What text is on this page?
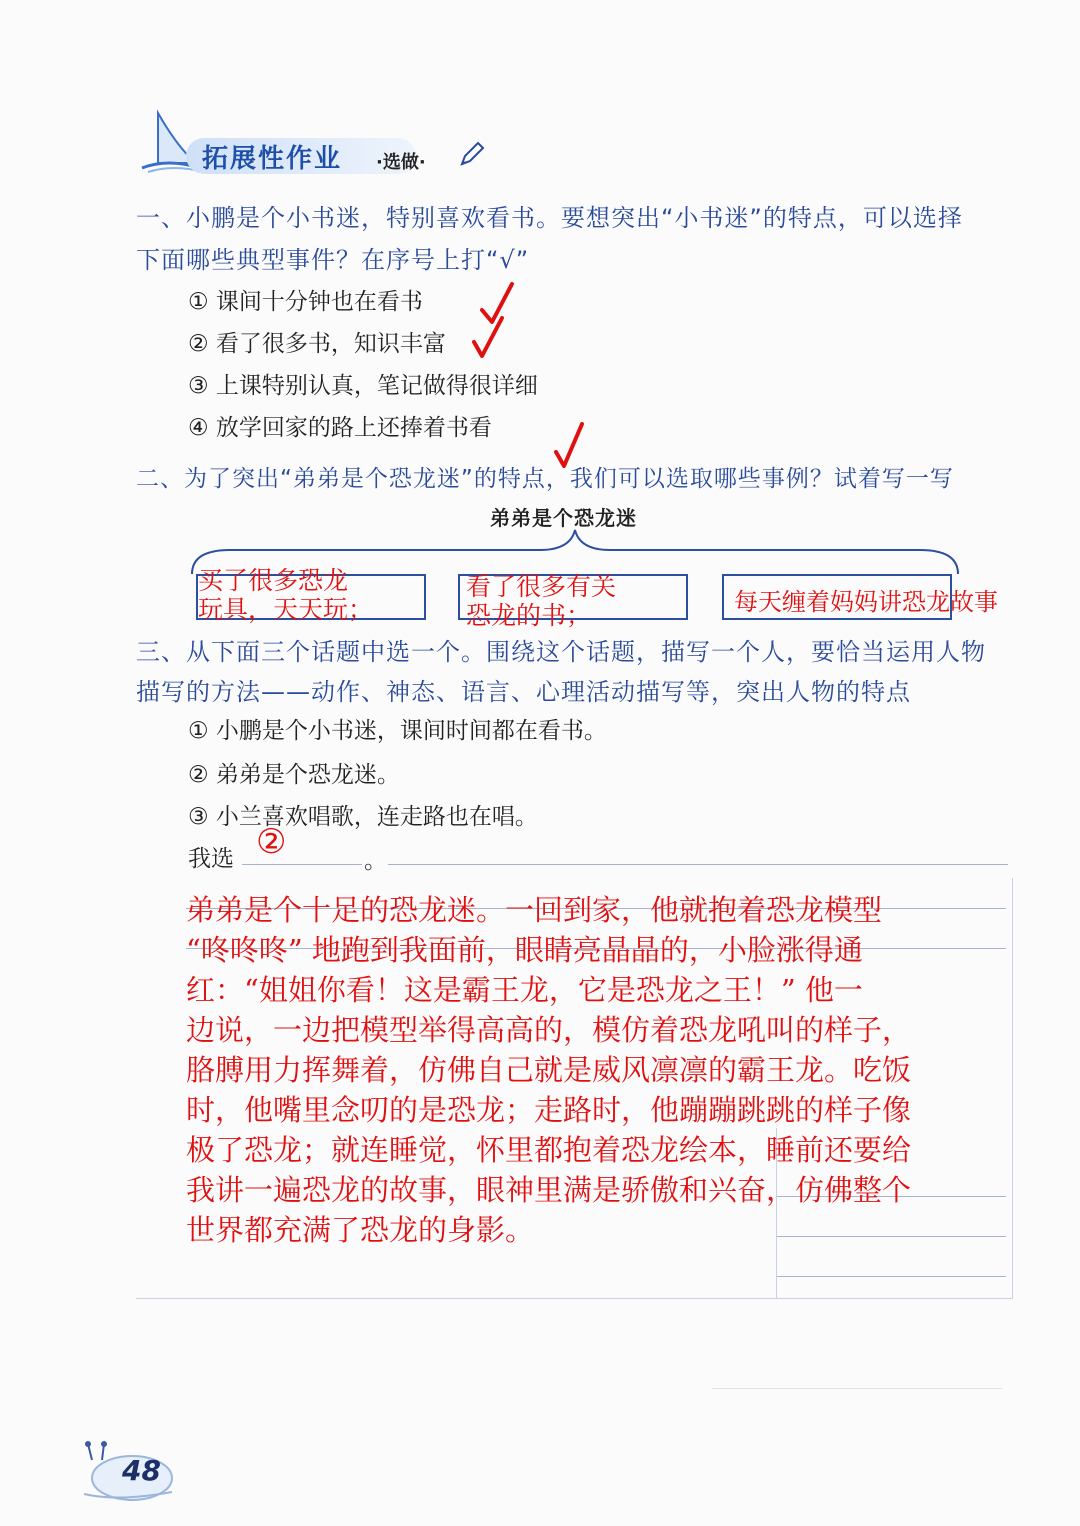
拓展性作业 ·选做·
一、小鹏是个小书迷，特别喜欢看书。要想突出“小书迷”的特点，可以选择
下面哪些典型事件？在序号上打“√”
① 课间十分钟也在看书
② 看了很多书，知识丰富
③ 上课特别认真，笔记做得很详细
④ 放学回家的路上还捧着书看
二、为了突出“弟弟是个恐龙迷”的特点，我们可以选取哪些事例？试着写一写
弟弟是个恐龙迷
买了很多恐龙
玩具，天天玩；
看了很多有关
恐龙的书；	每天缠着妈妈讲恐龙故事
三、从下面三个话题中选一个。围绕这个话题，描写一个人，要恰当运用人物
描写的方法——动作、神态、语言、心理活动描写等，突出人物的特点
① 小鹏是个小书迷，课间时间都在看书。
② 弟弟是个恐龙迷。
③ 小兰喜欢唱歌，连走路也在唱。
我选 ②	。
弟弟是个十足的恐龙迷。一回到家，他就抱着恐龙模型
“咚咚咚” 地跑到我面前，眼睛亮晶晶的，小脸涨得通
红：“姐姐你看！这是霸王龙，它是恐龙之王！” 他一
边说，一边把模型举得高高的，模仿着恐龙吼叫的样子，
胳膊用力挥舞着，仿佛自己就是威风凛凛的霸王龙。吃饭
时，他嘴里念叨的是恐龙；走路时，他蹦蹦跳跳的样子像
极了恐龙；就连睡觉，怀里都抱着恐龙绘本，睡前还要给
我讲一遍恐龙的故事，眼神里满是骄傲和兴奋，仿佛整个
世界都充满了恐龙的身影。
48
